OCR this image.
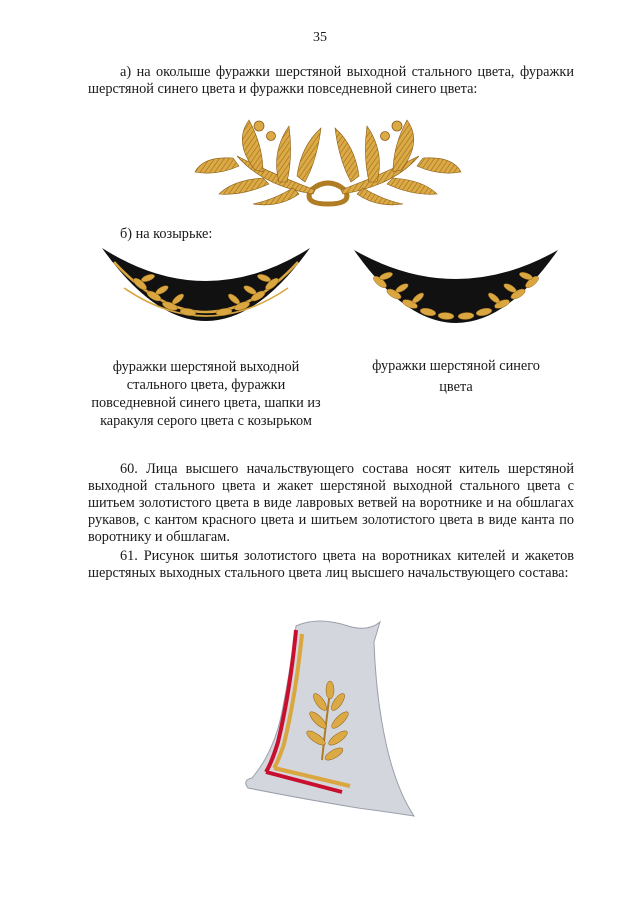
35

а) на околыше фуражки шерстяной выходной стального цвета, фуражки шерстяной синего цвета и фуражки повседневной синего цвета:

б) на козырьке:

фуражки шерстяной выходной стального цвета, фуражки повседневной синего цвета, шапки из каракуля серого цвета с козырьком

фуражки шерстяной синего цвета

60. Лица высшего начальствующего состава носят китель шерстяной выходной стального цвета и жакет шерстяной выходной стального цвета с шитьем золотистого цвета в виде лавровых ветвей на воротнике и на обшлагах рукавов, с кантом красного цвета и шитьем золотистого цвета в виде канта по воротнику и обшлагам.

61. Рисунок шитья золотистого цвета на воротниках кителей и жакетов шерстяных выходных стального цвета лиц высшего начальствующего состава:
